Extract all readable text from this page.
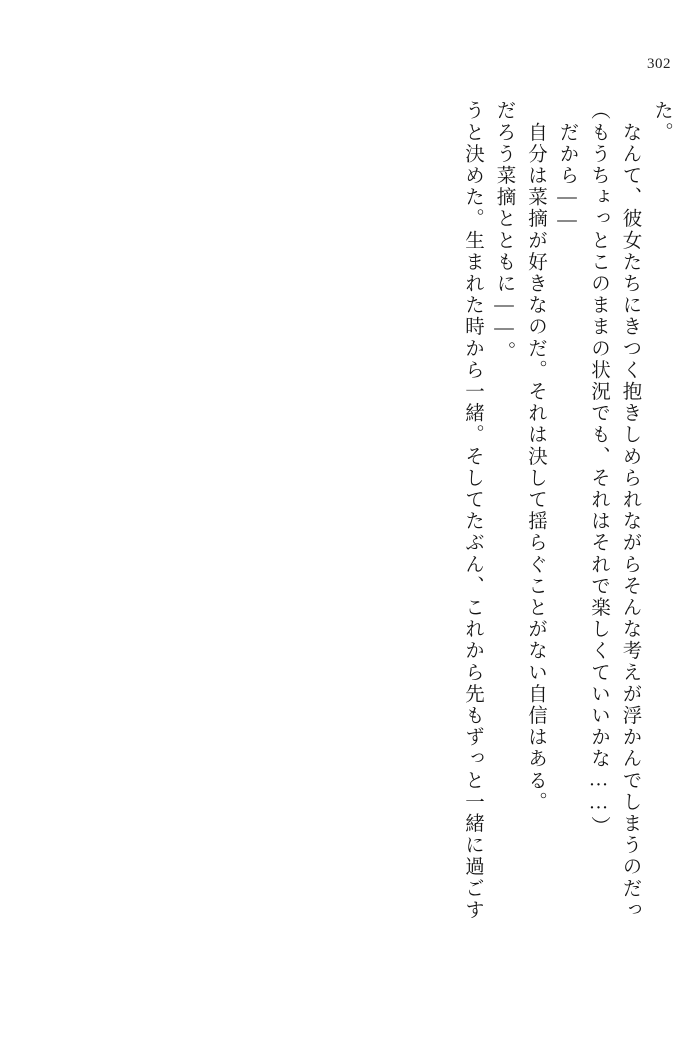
302
うと決めた。生まれた時から一緒。そしてたぶん、これから先もずっと一緒に過ごす だろう菜摘とともに——。 　自分は菜摘が好きなのだ。それは決して揺らぐことがない自信はある。 　だから—— （もうちょっとこのままの状況でも、それはそれで楽しくていいかな……） 　なんて、彼女たちにきつく抱きしめられながらそんな考えが浮かんでしまうのだっ た。
